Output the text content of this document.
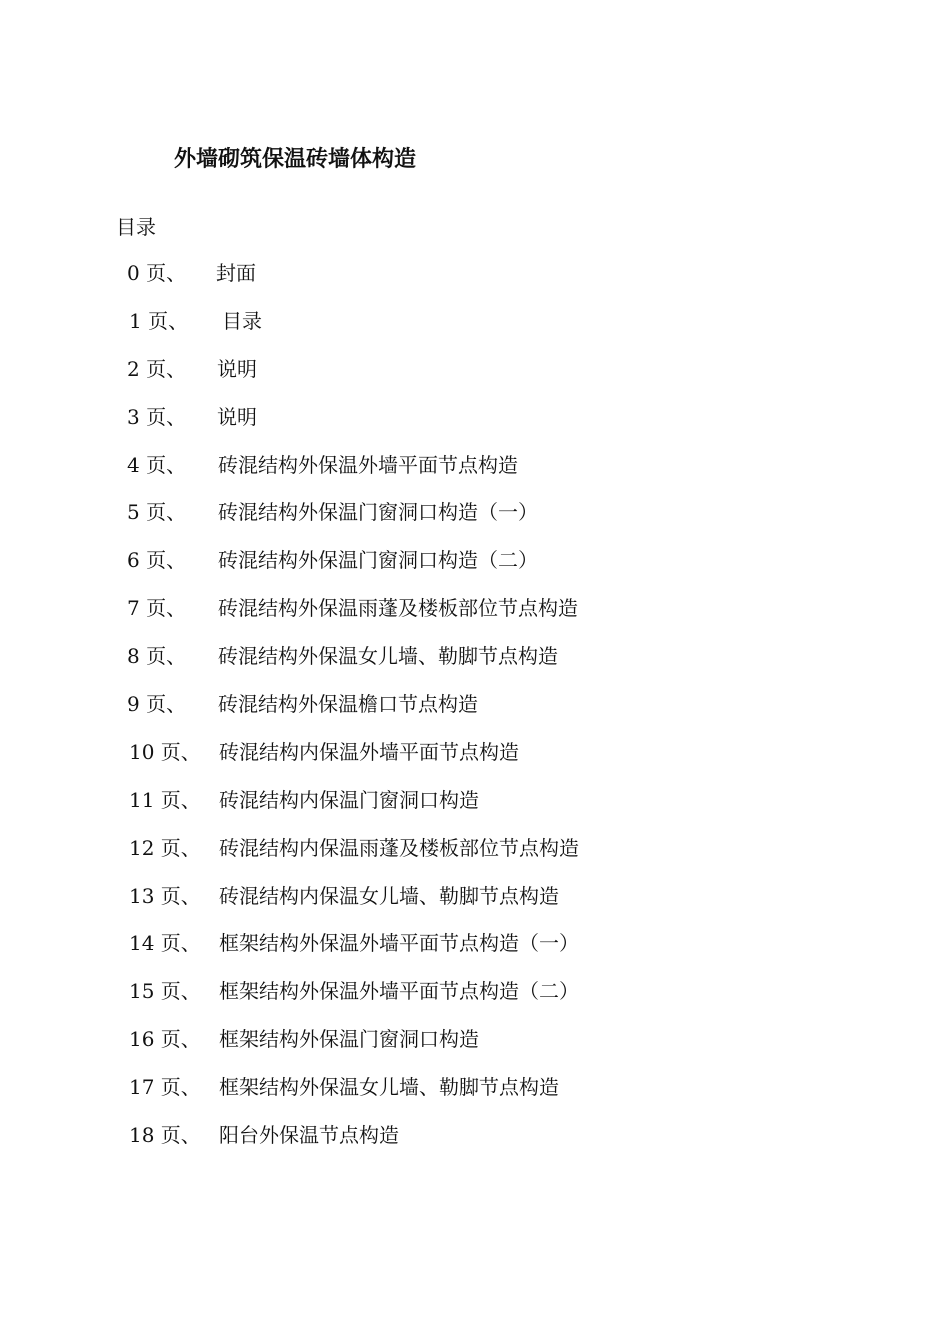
外墙砌筑保温砖墙体构造
目录
0 页、 封面
1 页、 目录
2 页、 说明
3 页、 说明
4 页、 砖混结构外保温外墙平面节点构造
5 页、 砖混结构外保温门窗洞口构造（一）
6 页、 砖混结构外保温门窗洞口构造（二）
7 页、 砖混结构外保温雨蓬及楼板部位节点构造
8 页、 砖混结构外保温女儿墙、勒脚节点构造
9 页、 砖混结构外保温檐口节点构造
10 页、 砖混结构内保温外墙平面节点构造
11 页、 砖混结构内保温门窗洞口构造
12 页、 砖混结构内保温雨蓬及楼板部位节点构造
13 页、 砖混结构内保温女儿墙、勒脚节点构造
14 页、 框架结构外保温外墙平面节点构造（一）
15 页、 框架结构外保温外墙平面节点构造（二）
16 页、 框架结构外保温门窗洞口构造
17 页、 框架结构外保温女儿墙、勒脚节点构造
18 页、 阳台外保温节点构造
